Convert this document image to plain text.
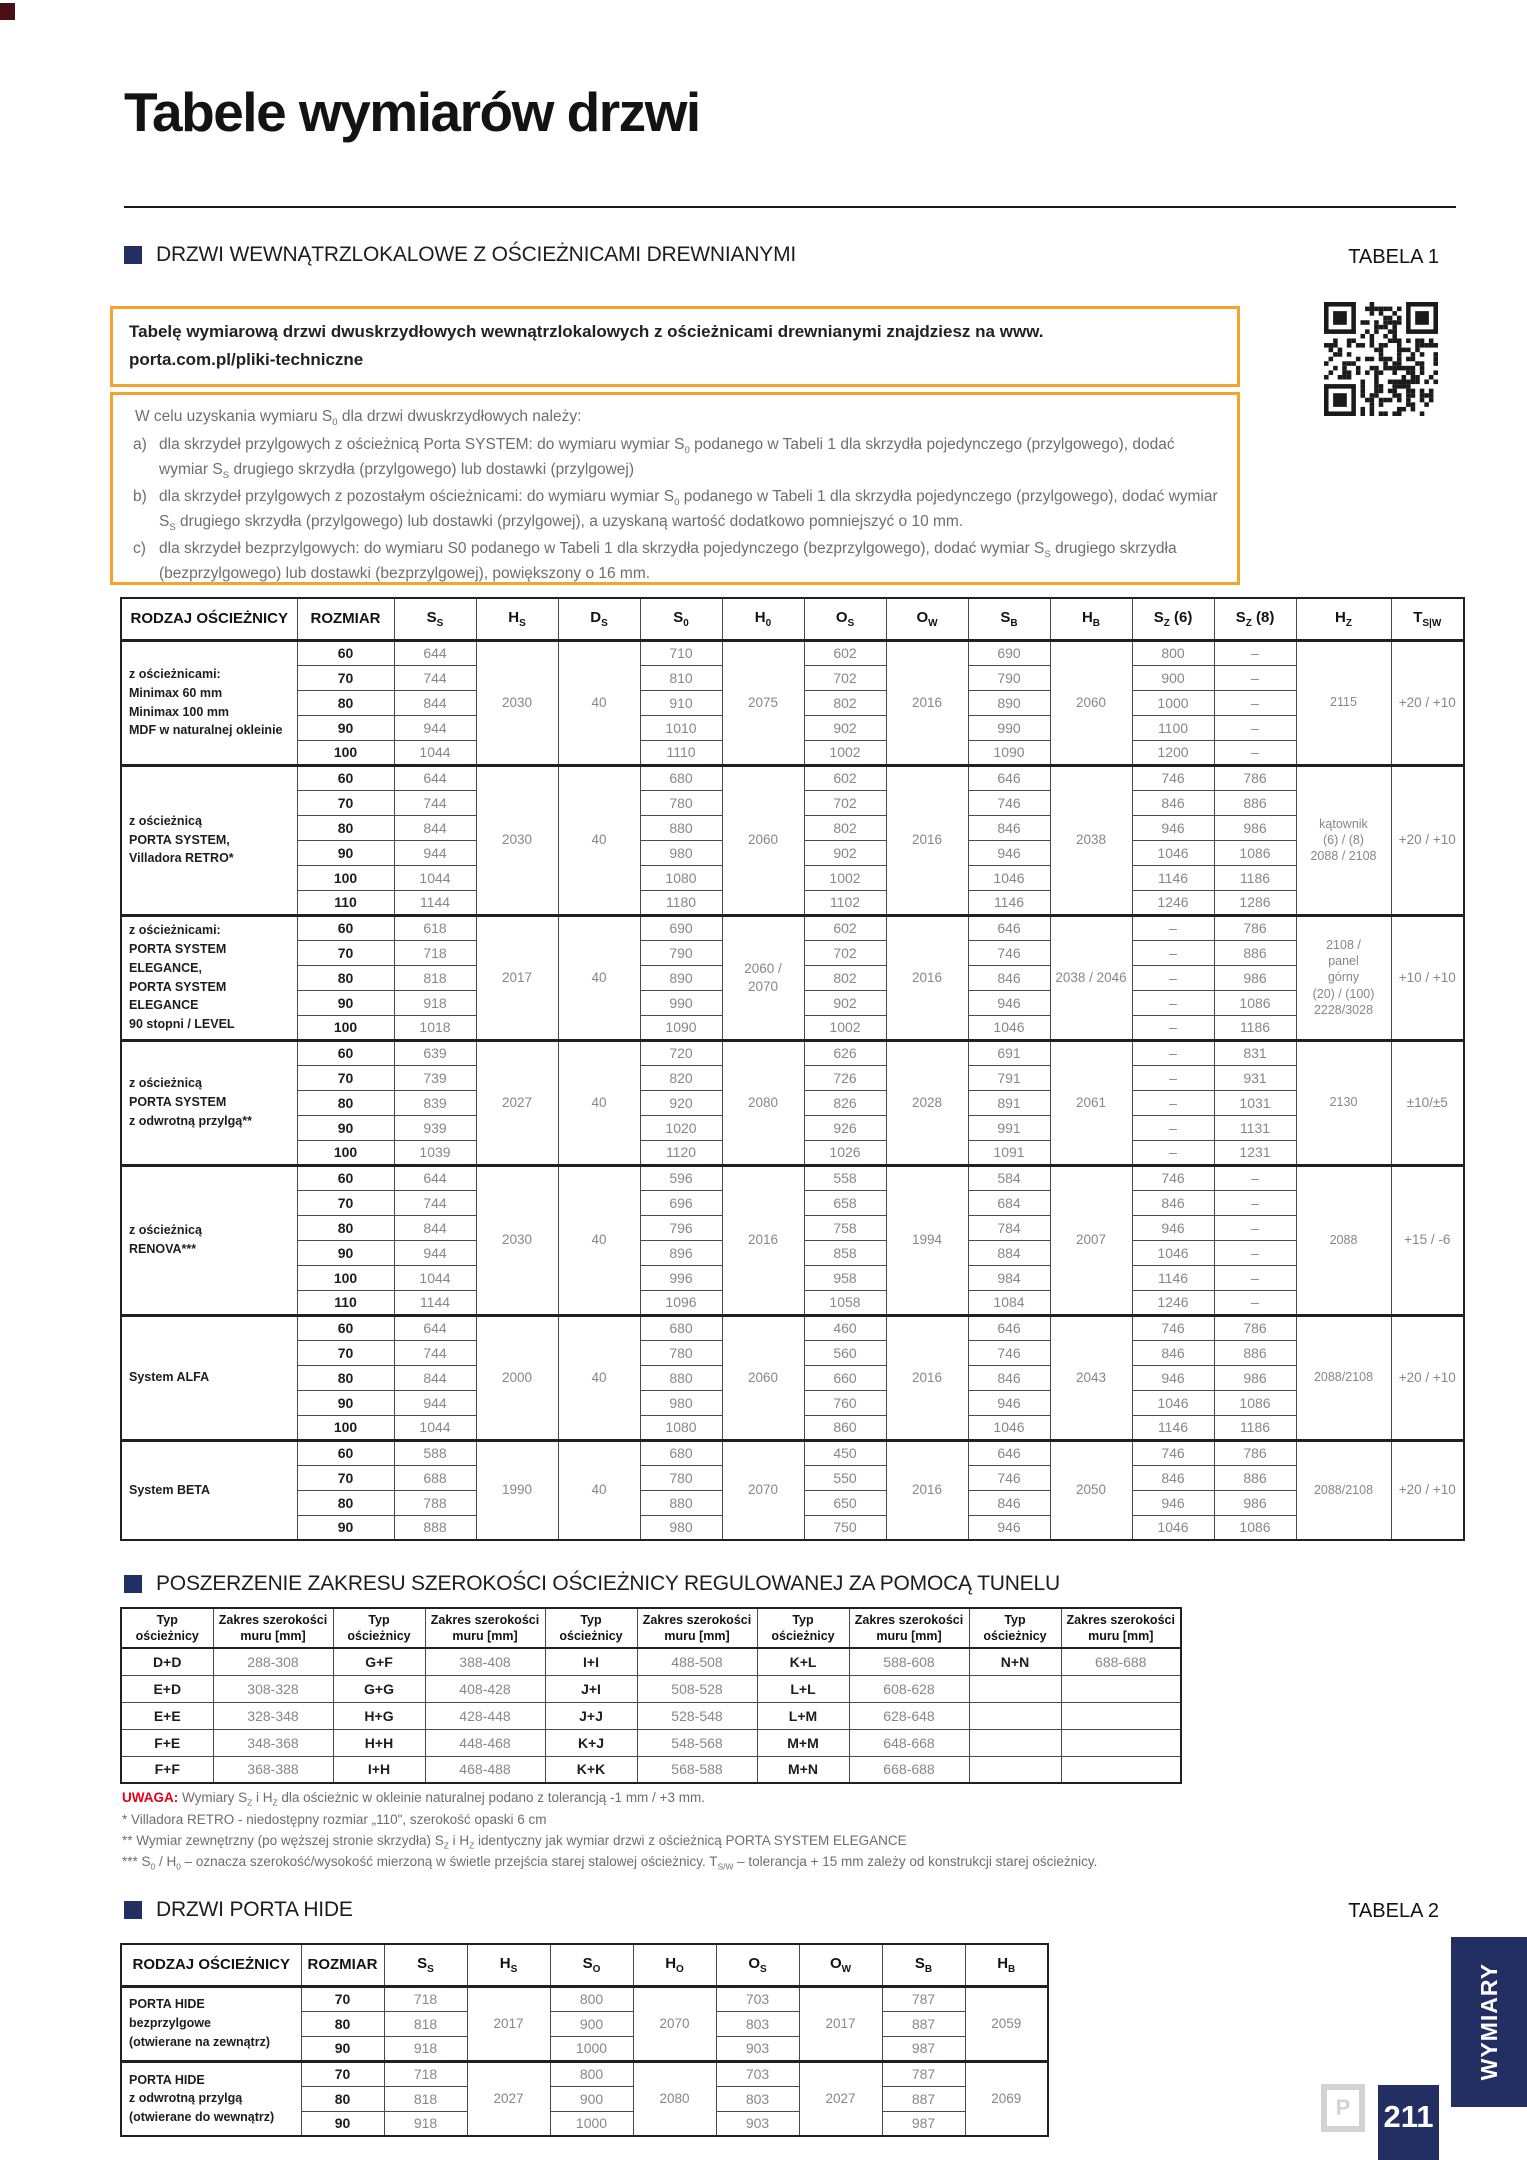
Tabele wymiarów drzwi
DRZWI WEWNĄTRZLOKALOWE Z OŚCIEŻNICAMI DREWNIANYMI	TABELA 1
Tabelę wymiarową drzwi dwuskrzydłowych wewnątrzlokalowych z ościeżnicami drewnianymi znajdziesz na www.
porta.com.pl/pliki-techniczne
W celu uzyskania wymiaru $S_0$ dla drzwi dwuskrzydłowych należy:
a) dla skrzydeł przylgowych z ościeżnicą Porta SYSTEM: do wymiaru wymiar $S_0$ podanego w Tabeli 1 dla skrzydła pojedynczego (przylgowego), dodać wymiar $S_S$ drugiego skrzydła (przylgowego) lub dostawki (przylgowej)
b) dla skrzydeł przylgowych z pozostałym ościeżnicami: do wymiaru wymiar $S_0$ podanego w Tabeli 1 dla skrzydła pojedynczego (przylgowego), dodać wymiar $S_S$ drugiego skrzydła (przylgowego) lub dostawki (przylgowej), a uzyskaną wartość dodatkowo pomniejszyć o 10 mm.
c) dla skrzydeł bezprzylgowych: do wymiaru S0 podanego w Tabeli 1 dla skrzydła pojedynczego (bezprzylgowego), dodać wymiar $S_S$ drugiego skrzydła (bezprzylgowego) lub dostawki (bezprzylgowej), powiększony o 16 mm.
RODZAJ OŚCIEŻNICY	ROZMIAR	$S_S$	$H_S$	$D_S$	$S_0$	$H_0$	$O_S$	$O_W$	$S_B$	$H_B$	$S_Z$ (6)	$S_Z$ (8)	$H_Z$	$T_{S|W}$
z ościeżnicami:
Minimax 60 mm
Minimax 100 mm
MDF w naturalnej okleinie	60	644	2030	40	710	2075	602	2016	690	2060	800	–	2115	+20 / +10
	70	744			810		702		790		900	–		
	80	844			910		802		890		1000	–		
	90	944			1010		902		990		1100	–		
	100	1044			1110		1002		1090		1200	–		
z ościeżnicą
PORTA SYSTEM,
Villadora RETRO*	60	644	2030	40	680	2060	602	2016	646	2038	746	786	kątownik
(6) / (8)
2088 / 2108	+20 / +10
	70	744			780		702		746		846	886		
	80	844			880		802		846		946	986		
	90	944			980		902		946		1046	1086		
	100	1044			1080		1002		1046		1146	1186		
	110	1144			1180		1102		1146		1246	1286		
z ościeżnicami:
PORTA SYSTEM ELEGANCE,
PORTA SYSTEM ELEGANCE
90 stopni / LEVEL	60	618	2017	40	690	2060 /
2070	602	2016	646	2038 / 2046	–	786	2108 /
panel
górny
(20) / (100)
2228/3028	+10 / +10
	70	718			790		702		746		–	886		
	80	818			890		802		846		–	986		
	90	918			990		902		946		–	1086		
	100	1018			1090		1002		1046		–	1186		
z ościeżnicą
PORTA SYSTEM
z odwrotną przylgą**	60	639	2027	40	720	2080	626	2028	691	2061	–	831	2130	±10/±5
	70	739			820		726		791		–	931		
	80	839			920		826		891		–	1031		
	90	939			1020		926		991		–	1131		
	100	1039			1120		1026		1091		–	1231		
z ościeżnicą
RENOVA***	60	644	2030	40	596	2016	558	1994	584	2007	746	–	2088	+15 / -6
	70	744			696		658		684		846	–		
	80	844			796		758		784		946	–		
	90	944			896		858		884		1046	–		
	100	1044			996		958		984		1146	–		
	110	1144			1096		1058		1084		1246	–		
System ALFA	60	644	2000	40	680	2060	460	2016	646	2043	746	786	2088/2108	+20 / +10
	70	744			780		560		746		846	886		
	80	844			880		660		846		946	986		
	90	944			980		760		946		1046	1086		
	100	1044			1080		860		1046		1146	1186		
System BETA	60	588	1990	40	680	2070	450	2016	646	2050	746	786	2088/2108	+20 / +10
	70	688			780		550		746		846	886		
	80	788			880		650		846		946	986		
	90	888			980		750		946		1046	1086		
POSZERZENIE ZAKRESU SZEROKOŚCI OŚCIEŻNICY REGULOWANEJ ZA POMOCĄ TUNELU
Typ
ościeżnicy	Zakres szerokości
muru [mm]	Typ
ościeżnicy	Zakres szerokości
muru [mm]	Typ
ościeżnicy	Zakres szerokości
muru [mm]	Typ
ościeżnicy	Zakres szerokości
muru [mm]	Typ
ościeżnicy	Zakres szerokości
muru [mm]
D+D	288-308	G+F	388-408	I+I	488-508	K+L	588-608	N+N	688-688
E+D	308-328	G+G	408-428	J+I	508-528	L+L	608-628		
E+E	328-348	H+G	428-448	J+J	528-548	L+M	628-648		
F+E	348-368	H+H	448-468	K+J	548-568	M+M	648-668		
F+F	368-388	I+H	468-488	K+K	568-588	M+N	668-688		
UWAGA: Wymiary $S_Z$ i $H_Z$ dla ościeżnic w okleinie naturalnej podano z tolerancją -1 mm / +3 mm.
* Villadora RETRO - niedostępny rozmiar „110", szerokość opaski 6 cm
** Wymiar zewnętrzny (po węższej stronie skrzydła) $S_Z$ i $H_Z$ identyczny jak wymiar drzwi z ościeżnicą PORTA SYSTEM ELEGANCE
*** $S_0 / H_0$ – oznacza szerokość/wysokość mierzoną w świetle przejścia starej stalowej ościeżnicy. $T_{S/W}$ – tolerancja + 15 mm zależy od konstrukcji starej ościeżnicy.
DRZWI PORTA HIDE	TABELA 2
RODZAJ OŚCIEŻNICY	ROZMIAR	$S_S$	$H_S$	$S_O$	$H_O$	$O_S$	$O_W$	$S_B$	$H_B$
PORTA HIDE
bezprzylgowe
(otwierane na zewnątrz)	70	718	2017	800	2070	703	2017	787	2059
	80	818		900		803		887	
	90	918		1000		903		987	
PORTA HIDE
z odwrotną przylgą
(otwierane do wewnątrz)	70	718	2027	800	2080	703	2027	787	2069
	80	818		900		803		887	
	90	918		1000		903		987	
WYMIARY
P 211
